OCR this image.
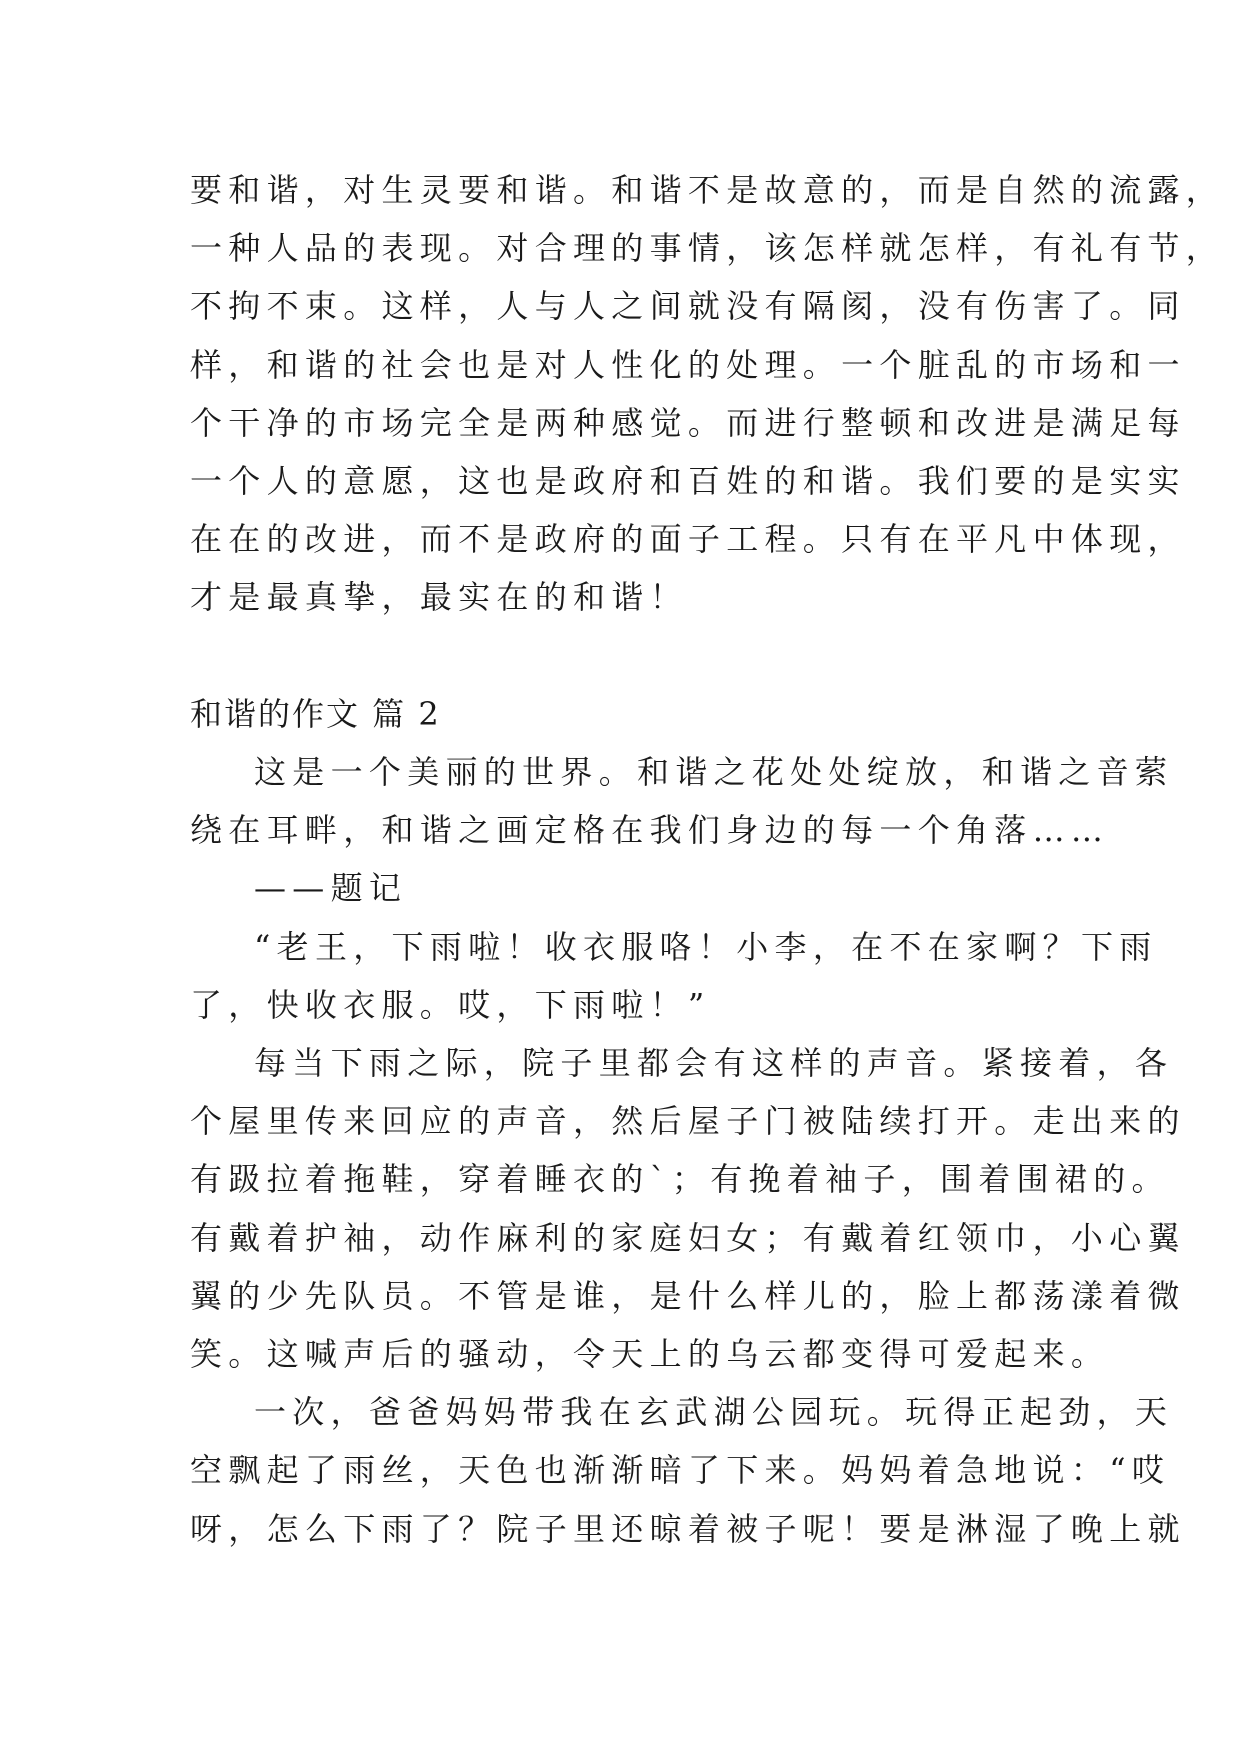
要和谐，对生灵要和谐。和谐不是故意的，而是自然的流露，
一种人品的表现。对合理的事情，该怎样就怎样，有礼有节，
不拘不束。这样，人与人之间就没有隔阂，没有伤害了。同
样，和谐的社会也是对人性化的处理。一个脏乱的市场和一
个干净的市场完全是两种感觉。而进行整顿和改进是满足每
一个人的意愿，这也是政府和百姓的和谐。我们要的是实实
在在的改进，而不是政府的面子工程。只有在平凡中体现，
才是最真挚，最实在的和谐！
和谐的作文 篇 2
这是一个美丽的世界。和谐之花处处绽放，和谐之音萦
绕在耳畔，和谐之画定格在我们身边的每一个角落……
——题记
“老王，下雨啦！收衣服咯！小李，在不在家啊？下雨
了，快收衣服。哎，下雨啦！”
每当下雨之际，院子里都会有这样的声音。紧接着，各
个屋里传来回应的声音，然后屋子门被陆续打开。走出来的
有趿拉着拖鞋，穿着睡衣的`；有挽着袖子，围着围裙的。
有戴着护袖，动作麻利的家庭妇女；有戴着红领巾，小心翼
翼的少先队员。不管是谁，是什么样儿的，脸上都荡漾着微
笑。这喊声后的骚动，令天上的乌云都变得可爱起来。
一次，爸爸妈妈带我在玄武湖公园玩。玩得正起劲，天
空飘起了雨丝，天色也渐渐暗了下来。妈妈着急地说：“哎
呀，怎么下雨了？院子里还晾着被子呢！要是淋湿了晚上就
